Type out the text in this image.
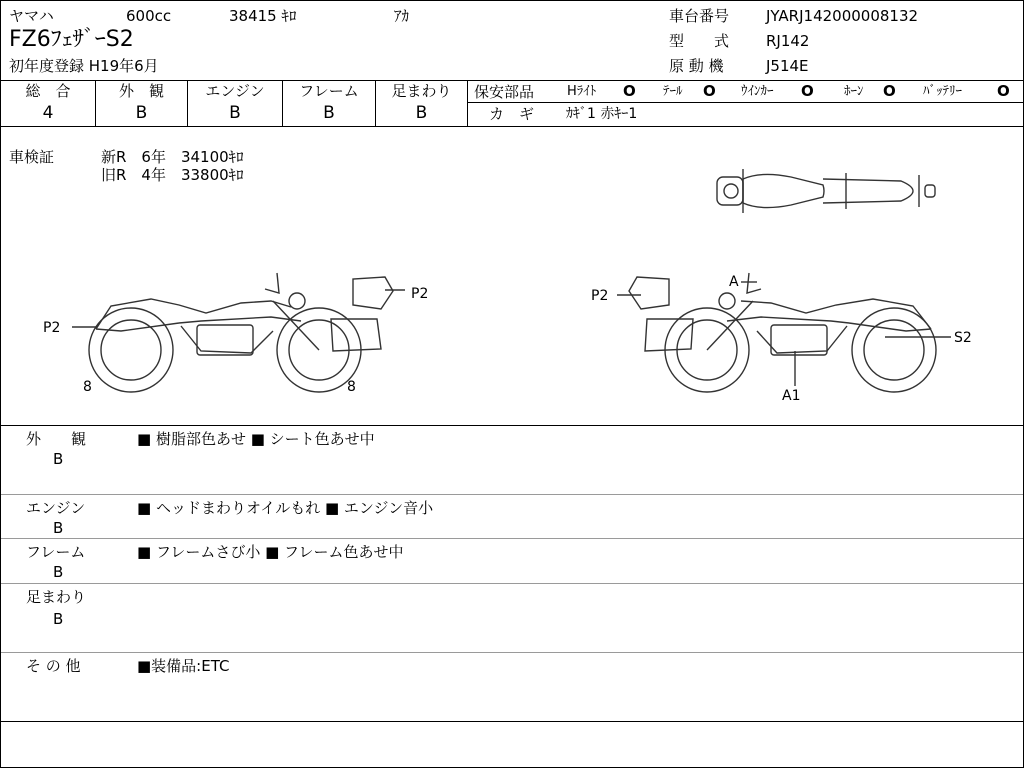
ヤマハ	600cc	38415 ｷﾛ	ｱｶ
FZ6ﾌｪｻﾞｰS2
初年度登録 H19年6月
車台番号 JYARJ142000008132
型　　式 RJ142
原 動 機	J514E
総　合
4
外　観
B
エンジン
B
フレーム
B
足まわり
B
保安部品	Hﾗｲﾄ O ﾃｰﾙ O ｳｲﾝｶｰ O ﾎｰﾝ O ﾊﾞｯﾃﾘｰ O
カ　ギ ｶｷﾞ1 赤ｷｰ1
車検証	新R　6年　34100ｷﾛ
旧R　4年　33800ｷﾛ
P2
P2
8	8
A
P2
S2
A1
外　　観
B
■ 樹脂部色あせ ■ シート色あせ中
エンジン
B
■ ヘッドまわりオイルもれ ■ エンジン音小
フレーム
B
■ フレームさび小 ■ フレーム色あせ中
足まわり
B
そ の 他	■装備品:ETC
